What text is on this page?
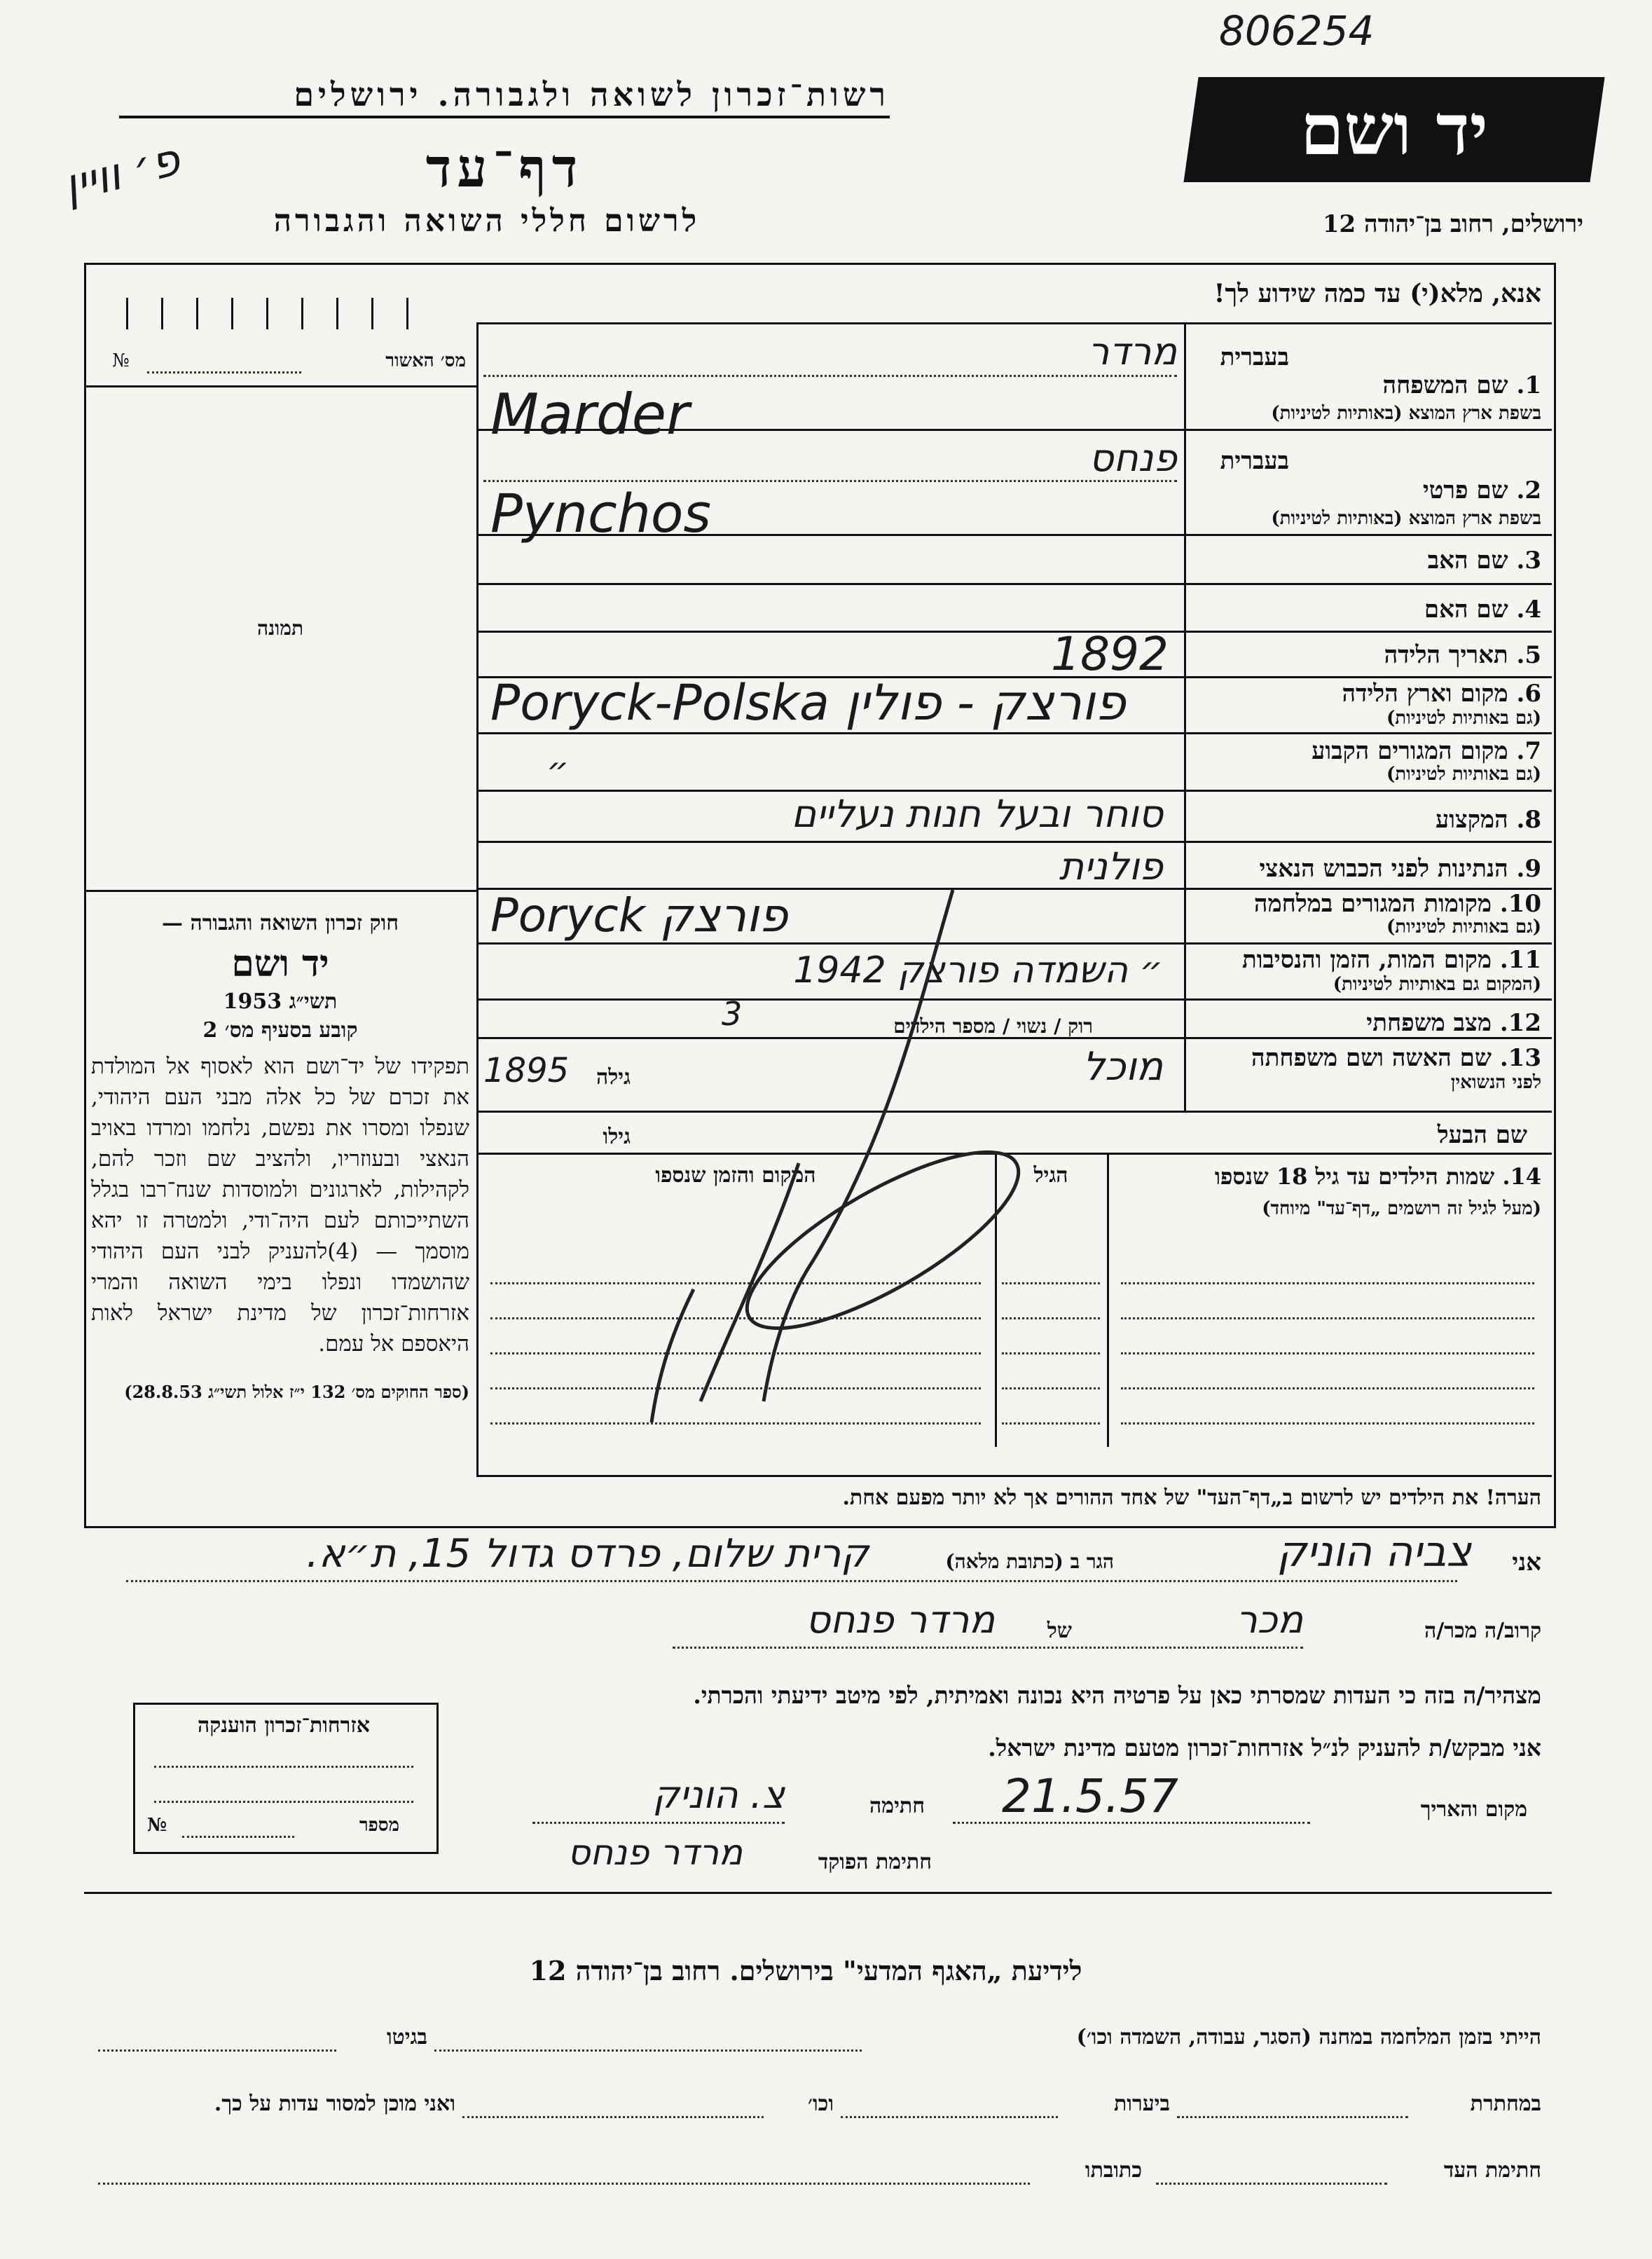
806254
פ׳ וויין
רשות־זכרון לשואה ולגבורה. ירושלים
דף־עד
לרשום חללי השואה והגבורה
יד ושם
ירושלים, רחוב בן־יהודה 12
אנא, מלא(י) עד כמה שידוע לך!
מס׳ האשור
№
תמונה
חוק זכרון השואה והגבורה —
יד ושם
תשי״ג 1953
קובע בסעיף מס׳ 2
תפקידו של יד־ושם הוא לאסוף אל המולדת את זכרם של כל אלה מבני העם היהודי, שנפלו ומסרו את נפשם, נלחמו ומרדו באויב הנאצי ובעוזריו, ולהציב שם וזכר להם, לקהילות, לארגונים ולמוסדות שנח־רבו בגלל השתייכותם לעם היה־ודי, ולמטרה זו יהא מוסמך — (4)להעניק לבני העם היהודי שהושמדו ונפלו בימי השואה והמרי אזרחות־זכרון של מדינת ישראל לאות היאספם אל עמם.
(ספר החוקים מס׳ 132 י״ז אלול תשי״ג 28.8.53)
1. שם המשפחה
בשפת ארץ המוצא (באותיות לטיניות)
בעברית
מרדר
Marder
2. שם פרטי
בשפת ארץ המוצא (באותיות לטיניות)
בעברית
פנחס
Pynchos
3. שם האב
4. שם האם
5. תאריך הלידה
1892
6. מקום וארץ הלידה
(גם באותיות לטיניות)
Poryck-Polska פורצק - פולין
7. מקום המגורים הקבוע
(גם באותיות לטיניות)
״
8. המקצוע
סוחר ובעל חנות נעליים
9. הנתינות לפני הכבוש הנאצי
פולנית
10. מקומות המגורים במלחמה
(גם באותיות לטיניות)
Poryck פורצק
11. מקום המות, הזמן והנסיבות
(המקום גם באותיות לטיניות)
״ השמדה פורצק 1942
12. מצב משפחתי
רוק / נשוי / מספר הילדים
3
13. שם האשה ושם משפחתה
לפני הנשואין
מוכל
גילה
1895
שם הבעל
גילו
14. שמות הילדים עד גיל 18 שנספו
(מעל לגיל זה רושמים „דף־עד" מיוחד)
הגיל
המקום והזמן שנספו
הערה! את הילדים יש לרשום ב„דף־העד" של אחד ההורים אך לא יותר מפעם אחת.
אני
צביה הוניק
הגר ב (כתובת מלאה)
קרית שלום, פרדס גדול 15, ת״א.
קרוב/ה מכר/ה
מכר
של
מרדר פנחס
מצהיר/ה בזה כי העדות שמסרתי כאן על פרטיה היא נכונה ואמיתית, לפי מיטב ידיעתי והכרתי.
אני מבקש/ת להעניק לנ״ל אזרחות־זכרון מטעם מדינת ישראל.
מקום והאריך
21.5.57
חתימה
צ. הוניק
חתימת הפוקד
מרדר פנחס
אזרחות־זכרון הוענקה
מספר
№
לידיעת „האגף המדעי" בירושלים. רחוב בן־יהודה 12
הייתי בזמן המלחמה במחנה (הסגר, עבודה, השמדה וכו׳)
בגיטו
במחתרת
ביערות
וכו׳
ואני מוכן למסור עדות על כך.
חתימת העד
כתובתו
